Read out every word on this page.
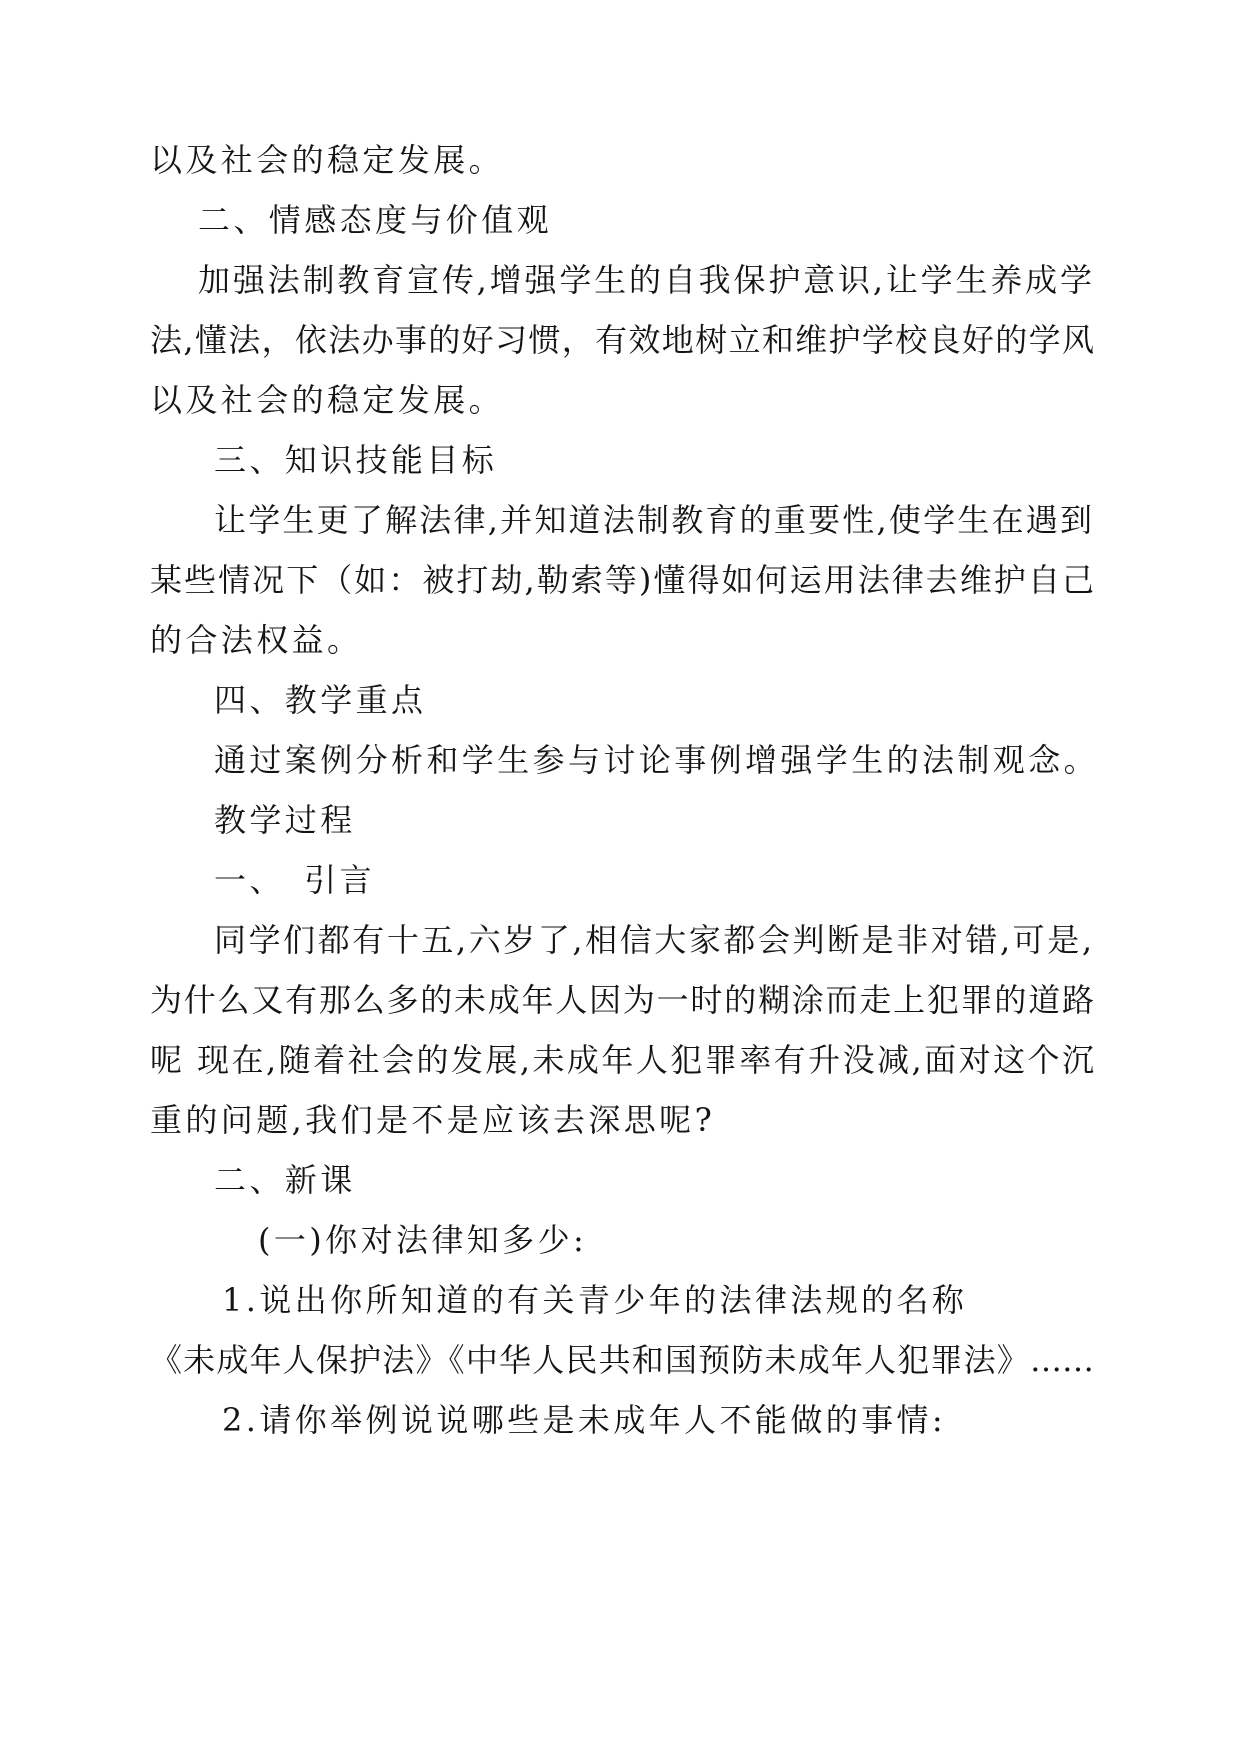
以及社会的稳定发展。
二、情感态度与价值观
加强法制教育宣传,增强学生的自我保护意识,让学生养成学
法,懂法，依法办事的好习惯，有效地树立和维护学校良好的学风
以及社会的稳定发展。
三、知识技能目标
让学生更了解法律,并知道法制教育的重要性,使学生在遇到
某些情况下（如：被打劫,勒索等)懂得如何运用法律去维护自己
的合法权益。
四、教学重点
通过案例分析和学生参与讨论事例增强学生的法制观念。
教学过程
一、　引言
同学们都有十五,六岁了,相信大家都会判断是非对错,可是,
为什么又有那么多的未成年人因为一时的糊涂而走上犯罪的道路
呢 现在,随着社会的发展,未成年人犯罪率有升没减,面对这个沉
重的问题,我们是不是应该去深思呢?
二、新课
(一)你对法律知多少:
1.说出你所知道的有关青少年的法律法规的名称
《未成年人保护法》《中华人民共和国预防未成年人犯罪法》……
2.请你举例说说哪些是未成年人不能做的事情:
